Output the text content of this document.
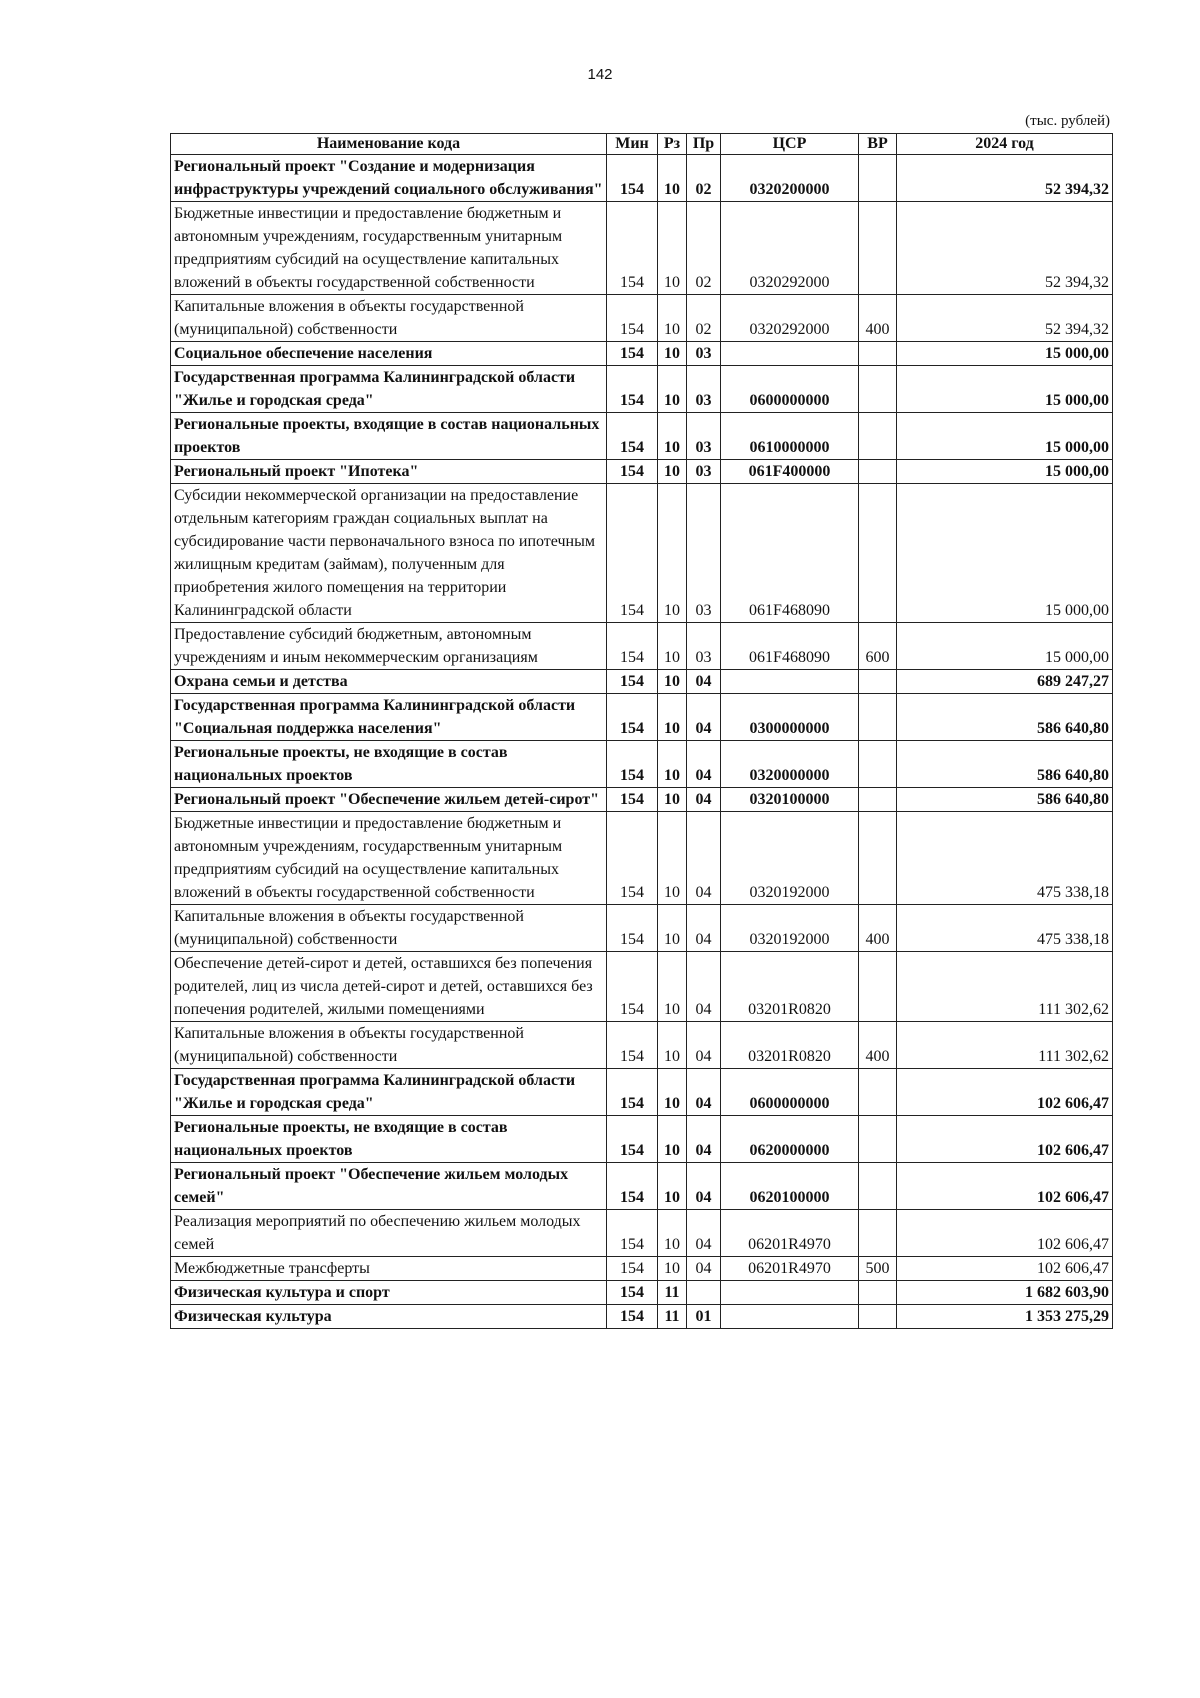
142
(тыс. рублей)
Наименование кода	Мин	Рз	Пр	ЦСР	ВР	2024 год
Региональный проект "Создание и модернизация инфраструктуры учреждений социального обслуживания"	154	10	02	0320200000		52 394,32
Бюджетные инвестиции и предоставление бюджетным и автономным учреждениям, государственным унитарным предприятиям субсидий на осуществление капитальных вложений в объекты государственной собственности	154	10	02	0320292000		52 394,32
Капитальные вложения в объекты государственной (муниципальной) собственности	154	10	02	0320292000	400	52 394,32
Социальное обеспечение населения	154	10	03			15 000,00
Государственная программа Калининградской области "Жилье и городская среда"	154	10	03	0600000000		15 000,00
Региональные проекты, входящие в состав национальных проектов	154	10	03	0610000000		15 000,00
Региональный проект "Ипотека"	154	10	03	061F400000		15 000,00
Субсидии некоммерческой организации на предоставление отдельным категориям граждан социальных выплат на субсидирование части первоначального взноса по ипотечным жилищным кредитам (займам), полученным для приобретения жилого помещения на территории Калининградской области	154	10	03	061F468090		15 000,00
Предоставление субсидий бюджетным, автономным учреждениям и иным некоммерческим организациям	154	10	03	061F468090	600	15 000,00
Охрана семьи и детства	154	10	04			689 247,27
Государственная программа Калининградской области "Социальная поддержка населения"	154	10	04	0300000000		586 640,80
Региональные проекты, не входящие в состав национальных проектов	154	10	04	0320000000		586 640,80
Региональный проект "Обеспечение жильем детей-сирот"	154	10	04	0320100000		586 640,80
Бюджетные инвестиции и предоставление бюджетным и автономным учреждениям, государственным унитарным предприятиям субсидий на осуществление капитальных вложений в объекты государственной собственности	154	10	04	0320192000		475 338,18
Капитальные вложения в объекты государственной (муниципальной) собственности	154	10	04	0320192000	400	475 338,18
Обеспечение детей-сирот и детей, оставшихся без попечения родителей, лиц из числа детей-сирот и детей, оставшихся без попечения родителей, жилыми помещениями	154	10	04	03201R0820		111 302,62
Капитальные вложения в объекты государственной (муниципальной) собственности	154	10	04	03201R0820	400	111 302,62
Государственная программа Калининградской области "Жилье и городская среда"	154	10	04	0600000000		102 606,47
Региональные проекты, не входящие в состав национальных проектов	154	10	04	0620000000		102 606,47
Региональный проект "Обеспечение жильем молодых семей"	154	10	04	0620100000		102 606,47
Реализация мероприятий по обеспечению жильем молодых семей	154	10	04	06201R4970		102 606,47
Межбюджетные трансферты	154	10	04	06201R4970	500	102 606,47
Физическая культура и спорт	154	11				1 682 603,90
Физическая культура	154	11	01			1 353 275,29
